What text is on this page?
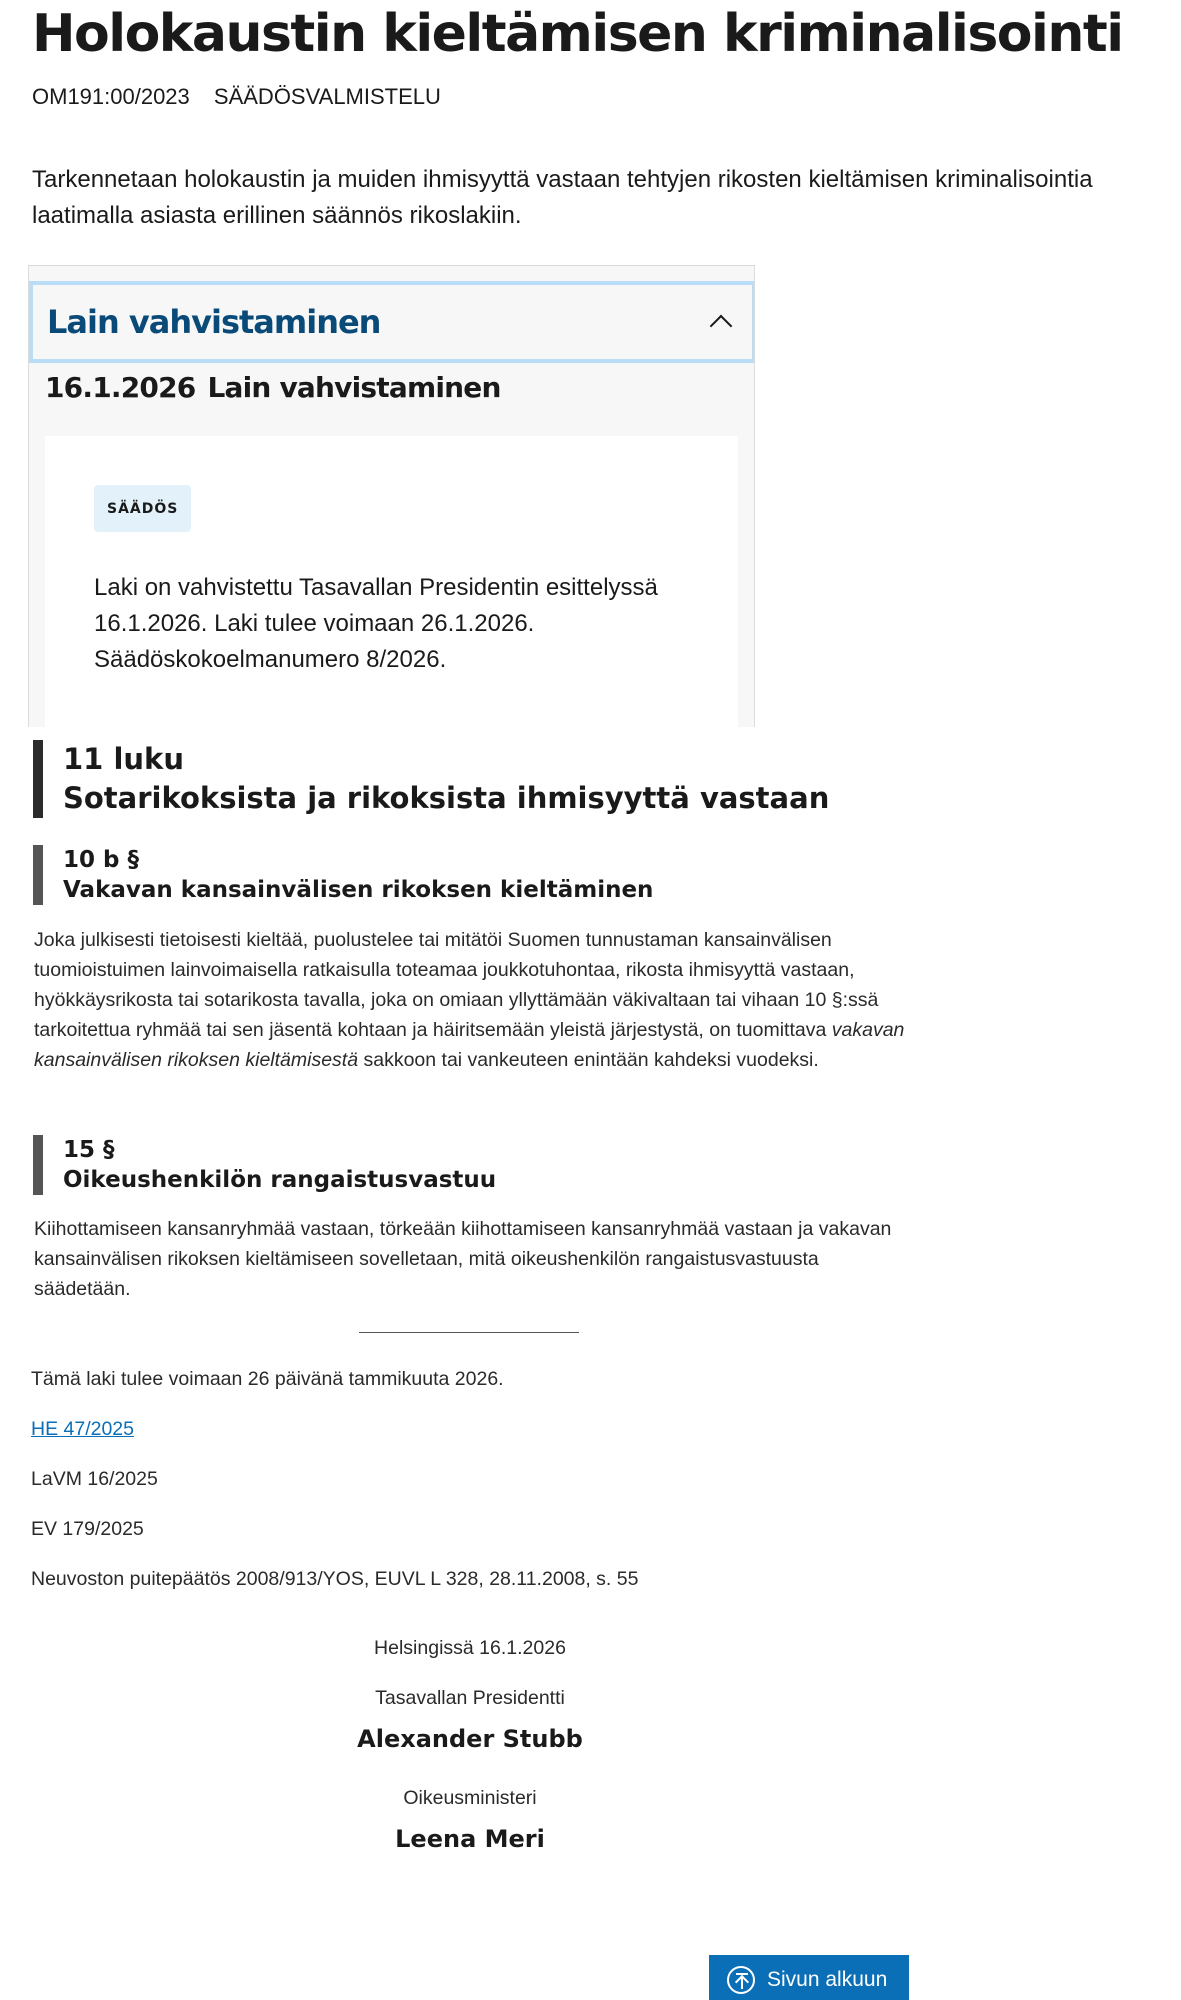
Holokaustin kieltämisen kriminalisointi
OM191:00/2023 SÄÄDÖSVALMISTELU

Tarkennetaan holokaustin ja muiden ihmisyyttä vastaan tehtyjen rikosten kieltämisen kriminalisointia laatimalla asiasta erillinen säännös rikoslakiin.

Lain vahvistaminen
16.1.2026 Lain vahvistaminen
SÄÄDÖS
Laki on vahvistettu Tasavallan Presidentin esittelyssä
16.1.2026. Laki tulee voimaan 26.1.2026.
Säädöskokoelmanumero 8/2026.
11 luku
Sotarikoksista ja rikoksista ihmisyyttä vastaan
10 b §
Vakavan kansainvälisen rikoksen kieltäminen

Joka julkisesti tietoisesti kieltää, puolustelee tai mitätöi Suomen tunnustaman kansainvälisen tuomioistuimen lainvoimaisella ratkaisulla toteamaa joukkotuhontaa, rikosta ihmisyyttä vastaan, hyökkäysrikosta tai sotarikosta tavalla, joka on omiaan yllyttämään väkivaltaan tai vihaan 10 §:ssä tarkoitettua ryhmää tai sen jäsentä kohtaan ja häiritsemään yleistä järjestystä, on tuomittava vakavan kansainvälisen rikoksen kieltämisestä sakkoon tai vankeuteen enintään kahdeksi vuodeksi.

15 §
Oikeushenkilön rangaistusvastuu

Kiihottamiseen kansanryhmää vastaan, törkeään kiihottamiseen kansanryhmää vastaan ja vakavan kansainvälisen rikoksen kieltämiseen sovelletaan, mitä oikeushenkilön rangaistusvastuusta säädetään.

Tämä laki tulee voimaan 26 päivänä tammikuuta 2026.
HE 47/2025
LaVM 16/2025
EV 179/2025
Neuvoston puitepäätös 2008/913/YOS, EUVL L 328, 28.11.2008, s. 55
Helsingissä 16.1.2026
Tasavallan Presidentti
Alexander Stubb
Oikeusministeri
Leena Meri
Sivun alkuun
